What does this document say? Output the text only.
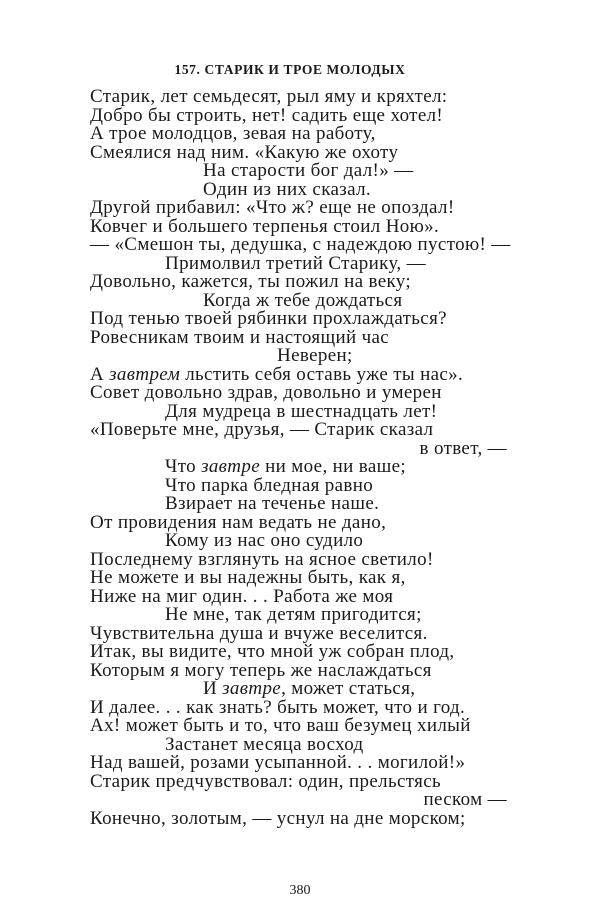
157. СТАРИК И ТРОЕ МОЛОДЫХ
Старик, лет семьдесят, рыл яму и кряхтел:
Добро бы строить, нет! садить еще хотел!
А трое молодцов, зевая на работу,
Смеялися над ним. «Какую же охоту
На старости бог дал!» —
Один из них сказал.
Другой прибавил: «Что ж? еще не опоздал!
Ковчег и большего терпенья стоил Ною».
— «Смешон ты, дедушка, с надеждою пустою! —
Примолвил третий Старику, —
Довольно, кажется, ты пожил на веку;
Когда ж тебе дождаться
Под тенью твоей рябинки прохлаждаться?
Ровесникам твоим и настоящий час
Неверен;
А завтрем льстить себя оставь уже ты нас».
Совет довольно здрав, довольно и умерен
Для мудреца в шестнадцать лет!
«Поверьте мне, друзья, — Старик сказал
в ответ, —
Что завтре ни мое, ни ваше;
Что парка бледная равно
Взирает на теченье наше.
От провидения нам ведать не дано,
Кому из нас оно судило
Последнему взглянуть на ясное светило!
Не можете и вы надежны быть, как я,
Ниже на миг один. . . Работа же моя
Не мне, так детям пригодится;
Чувствительна душа и вчуже веселится.
Итак, вы видите, что мной уж собран плод,
Которым я могу теперь же наслаждаться
И завтре, может статься,
И далее. . . как знать? быть может, что и год.
Ах! может быть и то, что ваш безумец хилый
Застанет месяца восход
Над вашей, розами усыпанной. . . могилой!»
Старик предчувствовал: один, прельстясь
песком —
Конечно, золотым, — уснул на дне морском;
380
